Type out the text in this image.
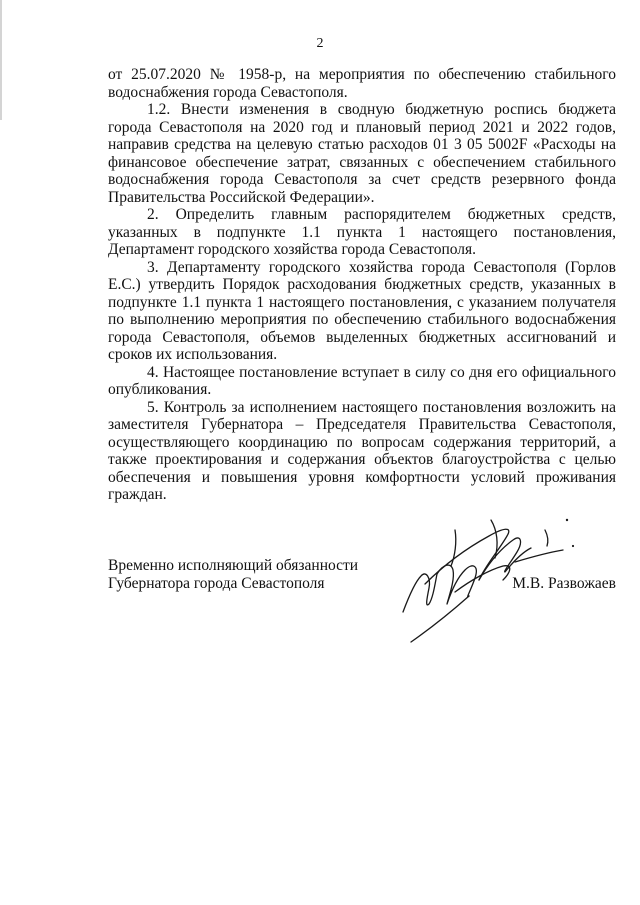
2

от 25.07.2020 № 1958-р, на мероприятия по обеспечению стабильного водоснабжения города Севастополя.

1.2. Внести изменения в сводную бюджетную роспись бюджета города Севастополя на 2020 год и плановый период 2021 и 2022 годов, направив средства на целевую статью расходов 01 3 05 5002F «Расходы на финансовое обеспечение затрат, связанных с обеспечением стабильного водоснабжения города Севастополя за счет средств резервного фонда Правительства Российской Федерации».

2. Определить главным распорядителем бюджетных средств, указанных в подпункте 1.1 пункта 1 настоящего постановления, Департамент городского хозяйства города Севастополя.

3. Департаменту городского хозяйства города Севастополя (Горлов Е.С.) утвердить Порядок расходования бюджетных средств, указанных в подпункте 1.1 пункта 1 настоящего постановления, с указанием получателя по выполнению мероприятия по обеспечению стабильного водоснабжения города Севастополя, объемов выделенных бюджетных ассигнований и сроков их использования.

4. Настоящее постановление вступает в силу со дня его официального опубликования.

5. Контроль за исполнением настоящего постановления возложить на заместителя Губернатора – Председателя Правительства Севастополя, осуществляющего координацию по вопросам содержания территорий, а также проектирования и содержания объектов благоустройства с целью обеспечения и повышения уровня комфортности условий проживания граждан.

Временно исполняющий обязанности

Губернатора города Севастополя	М.В. Развожаев
